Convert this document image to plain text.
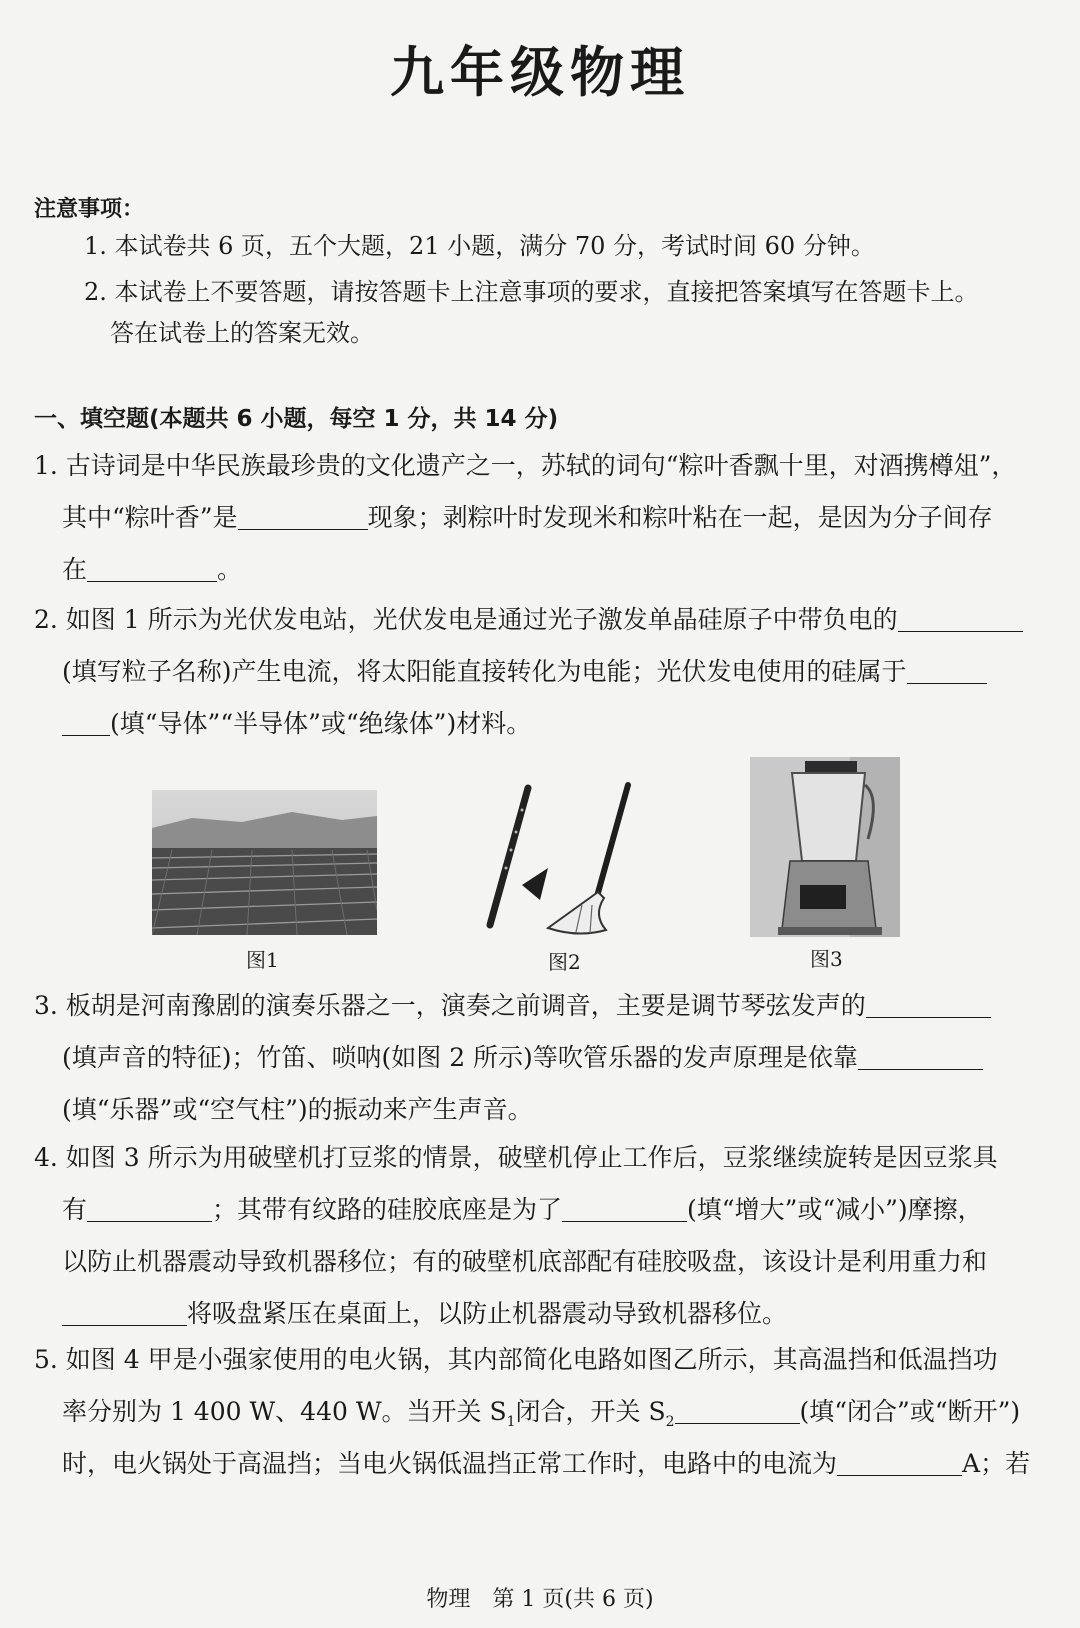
九年级物理
注意事项：
1. 本试卷共 6 页，五个大题，21 小题，满分 70 分，考试时间 60 分钟。
2. 本试卷上不要答题，请按答题卡上注意事项的要求，直接把答案填写在答题卡上。
答在试卷上的答案无效。
一、填空题(本题共 6 小题，每空 1 分，共 14 分)
1. 古诗词是中华民族最珍贵的文化遗产之一，苏轼的词句“粽叶香飘十里，对酒携樽俎”，
其中“粽叶香”是	现象；剥粽叶时发现米和粽叶粘在一起，是因为分子间存
在	。
2. 如图 1 所示为光伏发电站，光伏发电是通过光子激发单晶硅原子中带负电的
(填写粒子名称)产生电流，将太阳能直接转化为电能；光伏发电使用的硅属于
(填“导体”“半导体”或“绝缘体”)材料。
图1	图2	图3
3. 板胡是河南豫剧的演奏乐器之一，演奏之前调音，主要是调节琴弦发声的
(填声音的特征)；竹笛、唢呐(如图 2 所示)等吹管乐器的发声原理是依靠
(填“乐器”或“空气柱”)的振动来产生声音。
4. 如图 3 所示为用破壁机打豆浆的情景，破壁机停止工作后，豆浆继续旋转是因豆浆具
有	；其带有纹路的硅胶底座是为了	(填“增大”或“减小”)摩擦，
以防止机器震动导致机器移位；有的破壁机底部配有硅胶吸盘，该设计是利用重力和
将吸盘紧压在桌面上，以防止机器震动导致机器移位。
5. 如图 4 甲是小强家使用的电火锅，其内部简化电路如图乙所示，其高温挡和低温挡功
率分别为 1 400 W、440 W。当开关 $S_1$闭合，开关 $S_2$	(填“闭合”或“断开”)
时，电火锅处于高温挡；当电火锅低温挡正常工作时，电路中的电流为	A；若
物理　第 1 页(共 6 页)
